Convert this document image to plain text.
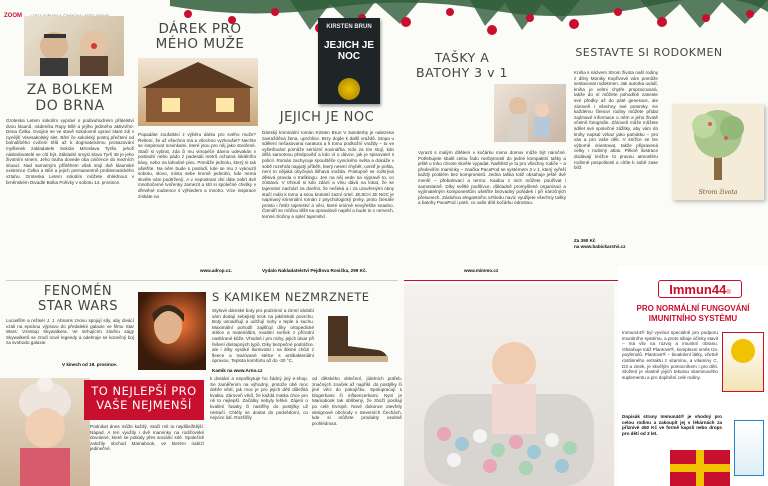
ZOOM
ZA BOLKEM DO BRNA
Groteska Letem sokolím vypráví o podivuhodném přátelství dvou klaunů, nádeníka Rupy Bílé a jejího jediného aktivního-Dena Čelku. Dvojice se ve stavě sokolovně upraví staré zdi v nynější Visesakolský slet. Břeť če sokolský postoj přečtení od bolnalíbého cvičení tělů až k dogmatickému prosazování myšlenek zakladatele Sokola Miroslava Tyrše, jehož následovatelé se cítí být. Základní smysl slova Tyrš 48 je jeho životním smem. Jeho touha dovede oba cvičence do mezních situací. Nad samotným příběhem však stojí dvě klaunské existence Čelka a Bílé a jejich permanentně problematického vztahu. Groteska Letem sokolím můžete shlédnout v brněnském Divadle Bolka Polívky v sobotu 14. prosince.
DÁREK PRO MÉHO MUŽE
Popadáte zoufalství z výběru dárku pro svého muže? Řešení, že už všechno má a všechno vyzkoušel? Nechte se inspirovat novinkami, které jsou pro něj jako stvořené. Stačí si vybrat, zda či mu vinopéče dávno udevakán v poslední nebo pádo z padesáti metrů ochutná lokálního kávy, nebo na lahodné pivo. Pomůže jednotu, který si tak ušetříte. Na něm bude s poslodí, kde se mu z vykouzlí sobotu, slovo, místo sebe kromě jednoho, kde nemá skvěle vám podtržený. A v nepostraní dní dáte zabít dvě mnohočerné tvořenky zamezit a stít si společné chvilky v dřevěné roubence s výhledem a mnoho. Více inspirace získáte na
www.adrop.cz.
KIRSTEN BRUN
JEJICH JE NOC
JEJICH JE NOC
Dánský kriminální román Kirsten Brun V Sønderby je nalezena zavražděná žena, uprchlice. Brzy dojde k další vraždě. Stopa u sdělení nečasovaná naratura a k tomu podkožní vraždy – tu ve vyšetřování pomůže seriózní novinářka. Kdo za tím stojí, kdo dělá samotnou předpověď a kdo ví o dávce, jak je spisovatel s policií. Román zachycuje spouštěče cynického světa a dokáže v sobě rozehrát napjatý příběh, který nesmí chybět, uvnitř je pošta, není to nějaká obyčejná šilhavá vražda. Postupně se rozkrývá děsivá pravda o trafikingu. Jen na něj vede na výpravě to, co zůstává. V trhnutí si kdo zdání a vlnu dává na lokat, že se tajemství nachází za dveřmi, že nečeká a i za uzavřenými okny stačí málo k tomu a svou krutostí zazní ortel. JEJICH JE NOC je napínavý kriminální román z psychologický prvky, proto čtenáře prosto i řetěz tajemství a věci, které smírně nevyřešíte snadno. Čtenáři se můžou těšit na opravdové napětí a bude to v nervech, temné zločiny a spleť tajemství.
Vydalo Nakladatelství Pejdlova Rosička, 299 Kč.
TAŠKY A BATOHY 3 v 1
Vyrazit s malým dítětem v kočárku mimo domov může být náročné. Potřebujete sbalit celou řadu nezbytností do jedné kompaktní tašky a ještě u toho chcete skvěle vypadat. Naštěstí je tu pro všechny rodiče – a především maminky – značka PacaPod se systémem 3 v 1, který vyřeší každý problém bez kompromisů. Jedna taška totiž obsahuje ještě dvě menší – přebalovací a termo. Kaidou z nich můžete používat i samostatně. Díky světlé podšívce, důkladně promyšlené organizaci a vyjímatelným komponentům ušetříte bezvadný pořádek i při náročných přesunech. Zásluhou elegantního vzhledu navíc využijete všechny tašky a batohy PacaPod i poté, co vaše dítě kočárku odrostou.
www.mimmo.cz
SESTAVTE SI RODOKMEN
Kniha s názvem Strom života naší rodiny z dílny Moniky Kopřivové vám pomůže sestavovat rodokmen. Jak autorka uvádí, kniha je velmi chytře propracovaná, takže do ní můžete pohodlně zaneste své předky až do páté generace, ale zároveň i všechny své potomky. Ke každému členovi rodiny můžete přidat zajímavé informace o něm a jeho životě včetně fotografie. Zároveň může můžete sdílet své společné zážitky, aby vám do knihy napsal vzkaz jako památku – pro vás a pro vaše děti. V knížce se lze výborně orientovat, takže připravená celky i rodinný atlas. Pěkně ilustrace dodávají knížce to pravou atmosféru rodinné pospolitosti a cítíte k sobě zase blíž.
Za 390 Kč
na www.babickarstvi.cz
Strom života
FENOMÉN STAR WARS
Lucasfilm a režisér J. J. Abrams znovu spojují síly, aby divácí vzali na epickou výpravu do předaleké galaxie ve filmu Star Wars: Vzestup Skywalkera. Ve strhujícím závěru ságy Skywalkerů se zrodí nové legendy a odehraje se konečný boj za svobodu galaxie.
V kinech od 19. prosince.
S KAMIKEM NEZMRZNETE
Stylové dámské boty pro podzimní a zimní období vám dodají sebejistý krok na jakémkoli povrchu. Boty usnadňují a udržují nohy v teple a suchu. Maximální pohodlí zajišťují díky ortopedické stélce a materiálům, kvalitní svršek z přírodní nasbírané kůže. Vhodné i pro nohy, jejich útvar při řešení dostupných typů. Díky bezpečné podrážce, ale i díky vysoké tlumivosti i na šikmé chůzi z fleece a tvarované stélce s antibakteriální úpravou. Teplota komfortu až do -20 °C.
Kamik na www.Arno.cz
TO NEJLEPŠÍ PRO VAŠE NEJMENŠÍ
Podnikat dnes může každý. Stačí mít to nejdůležitější. Nápad. A ten využily i dvě maminky na rodičovské dovolené, které se potkaly přes sociální sítě. Společně založily obchod Mamabook, ve kterém nabízí jedinečné,
k dostání a nepoškytuje ho žádný jiný e-shop. Se zaměřením na výhodný, protože obě moc dobře vědí, jak moc je pro jejich děti důležitá kvalita. Zároveň vědí, že každá matka chce pro ně to nejlepší. Začátky nebyly lehké. Zájem o kvalitní fusaky či nastřihy do postýlky už nestačí. Chtěly se dostat do podvědomí, co nejvíce lidí. Rozšířily
od dětského oblečení, jídelních potřeb, značných značek až napříkl. do postýlky či jiné věci do pokojíčku. Spolupracují s blogerkami či influencerkami. Nyní je Mamabook tak oblíbený, že zboží posílají po celé Evropě. Nové dokonce otevřely designové obchody v Severních Čechách, kde si můžete produkty osobně prohlédnout.
Immun44®
PRO NORMÁLNÍ FUNGOVÁNÍ IMUNITNÍHO SYSTÉMU
Immun44® byl vyvinut speciálně pro podporu imunitního systému, a proto sibuje účinky stavit – má vliv na rozvoj a imunitní obranu. Obsahuje totiž Plantovir®, komplexní směs tzv. poyfenolů. Plantovir® – bioaktivní látky, včetně rostlinného extraktu z vitamínu, a vitamíny C, D3 a zinek, je skvělým pomocníkem i pro děti. Složení je vlastně jejich tekutou vitaminového suplementu a pro doplnění celé rodiny.
Dopisák strany Immun44® je vhodný pro celou rodinu a zakoupit jej v lékárnách za příznivé 450 Kč ve formě kapslí nebo drops pro děti od 3 let.
